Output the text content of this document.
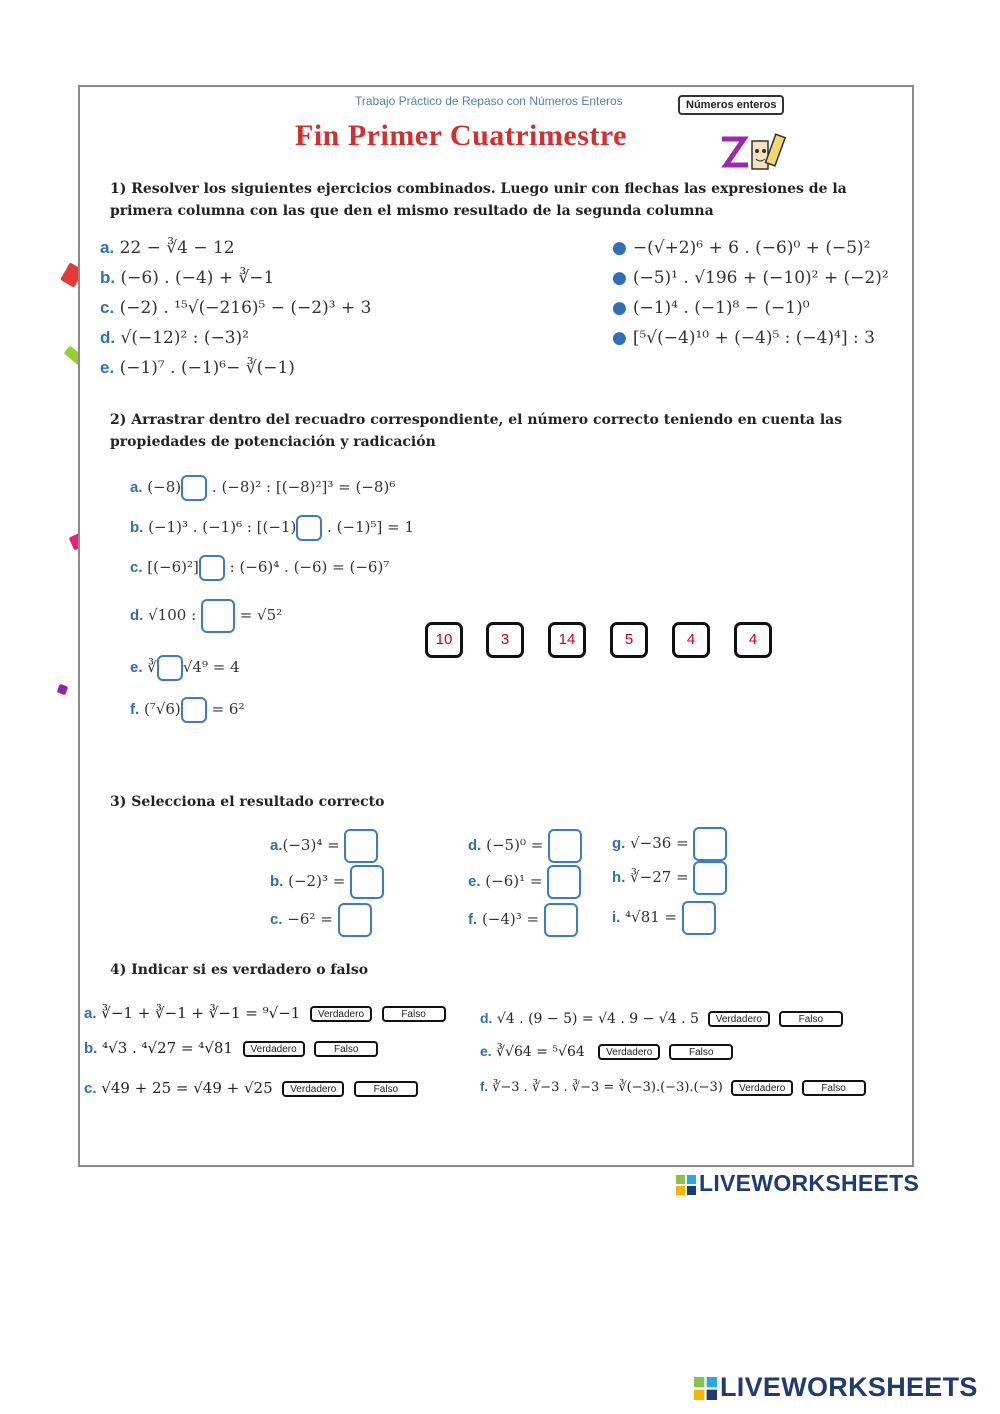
Trabajo Práctico de Repaso con Números Enteros
Fin Primer Cuatrimestre
Números enteros
1) Resolver los siguientes ejercicios combinados. Luego unir con flechas las expresiones de la primera columna con las que den el mismo resultado de la segunda columna
a. 22 − ∛4 − 12
b. (−6) . (−4) + ∛−1
c. (−2) . ¹⁵√(−216)⁵ − (−2)³ + 3
d. √(−12)² : (−3)²
e. (−1)⁷ . (−1)⁶− ∛(−1)
● −(√+2)⁶ + 6 . (−6)⁰ + (−5)²
● (−5)¹ . √196 + (−10)² + (−2)²
● (−1)⁴ . (−1)⁸ − (−1)⁰
● [⁵√(−4)¹⁰ + (−4)⁵ : (−4)⁴] : 3
2) Arrastrar dentro del recuadro correspondiente, el número correcto teniendo en cuenta las propiedades de potenciación y radicación
a. (−8) . (−8)² : [(−8)²]³ = (−8)⁶
b. (−1)³ . (−1)⁶ : [(−1) . (−1)⁵] = 1
c. [(−6)²] : (−6)⁴ . (−6) = (−6)⁷
d. √100 :	= √5²
e. ∛ √4⁹ = 4
f. (⁷√6) = 6²
10	3	14	5	4	4
3) Selecciona el resultado correcto
a.(−3)⁴ =
b. (−2)³ =
c. −6² =
d. (−5)⁰ =
e. (−6)¹ =
f. (−4)³ =
g. √−36 =
h. ∛−27 =
i. ⁴√81 =
4) Indicar si es verdadero o falso
a. ∛−1 + ∛−1 + ∛−1 = ⁹√−1 Verdadero	Falso
b. ⁴√3 . ⁴√27 = ⁴√81 Verdadero	Falso
c. √49 + 25 = √49 + √25 Verdadero	Falso
d. √4 . (9 − 5) = √4 . 9 − √4 . 5 Verdadero	Falso
e. ∛√64 = ⁵√64 Verdadero	Falso
f. ∛−3 . ∛−3 . ∛−3 = ∛(−3).(−3).(−3) Verdadero	Falso
LIVEWORKSHEETS
LIVEWORKSHEETS
